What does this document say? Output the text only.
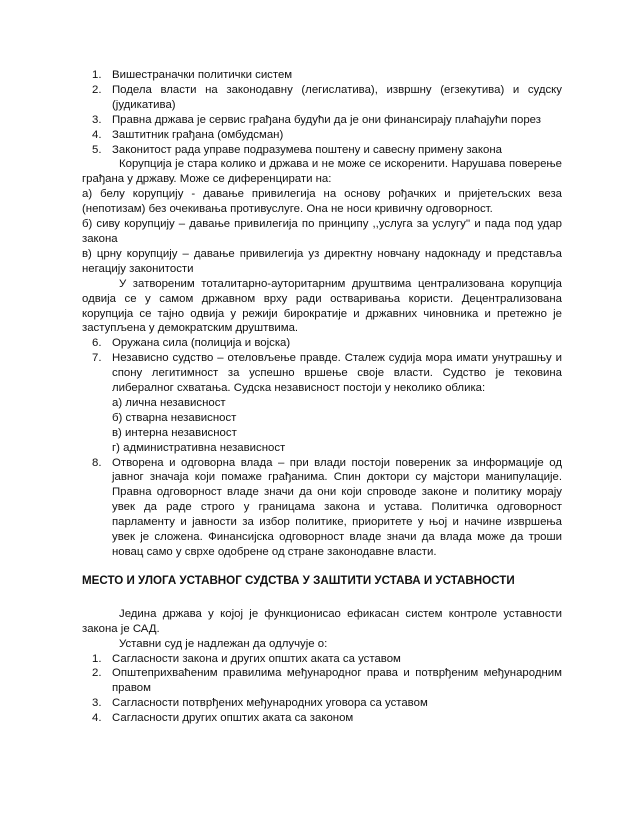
1. Вишестраначки политички систем
2. Подела власти на законодавну (легислатива), извршну (егзекутива) и судску (јудикатива)
3. Правна држава је сервис грађана будући да је они финансирају плаћајући порез
4. Заштитник грађана (омбудсман)
5. Законитост рада управе подразумева поштену и савесну примену закона

Корупција је стара колико и држава и не може се искоренити. Нарушава поверење грађана у државу. Може се диференцирати на:

а) белу корупцију - давање привилегија на основу рођачких и пријетељских веза (непотизам) без очекивања противуслуге. Она не носи кривичну одговорност.

б) сиву корупцију – давање привилегија по принципу ,,услуга за услугу'' и пада под удар закона

в) црну корупцију – давање привилегија уз директну новчану надокнаду и представља негацију законитости

У затвореним тоталитарно-ауторитарним друштвима централизована корупција одвија се у самом државном врху ради остваривања користи. Децентрализована корупција се тајно одвија у режији бирократије и државних чиновника и претежно је заступљена у демократским друштвима.

6. Оружана сила (полиција и војска)
7. Независно судство – отеловљење правде. Сталеж судија мора имати унутрашњу и спону легитимност за успешно вршење своје власти. Судство је тековина либералног схватања. Судска независност постоји у неколико облика:
а) лична независност
б) стварна независност
в) интерна независност
г) административна независност
8. Отворена и одговорна влада – при влади постоји повереник за информације од јавног значаја који помаже грађанима. Спин доктори су мајстори манипулације. Правна одговорност владе значи да они који спроводе законе и политику морају увек да раде строго у границама закона и устава. Политичка одговорност парламенту и јавности за избор политике, приоритете у њој и начине извршења увек је сложена. Финансијска одговорност владе значи да влада може да троши новац само у сврхе одобрене од стране законодавне власти.

МЕСТО И УЛОГА УСТАВНОГ СУДСТВА У ЗАШТИТИ УСТАВА И УСТАВНОСТИ

Једина држава у којој је функционисао ефикасан систем контроле уставности закона је САД.

Уставни суд је надлежан да одлучује о:

1. Сагласности закона и других општих аката са уставом
2. Општеприхваћеним правилима међународног права и потврђеним међународним правом
3. Сагласности потврђених међународних уговора са уставом
4. Сагласности других општих аката са законом
